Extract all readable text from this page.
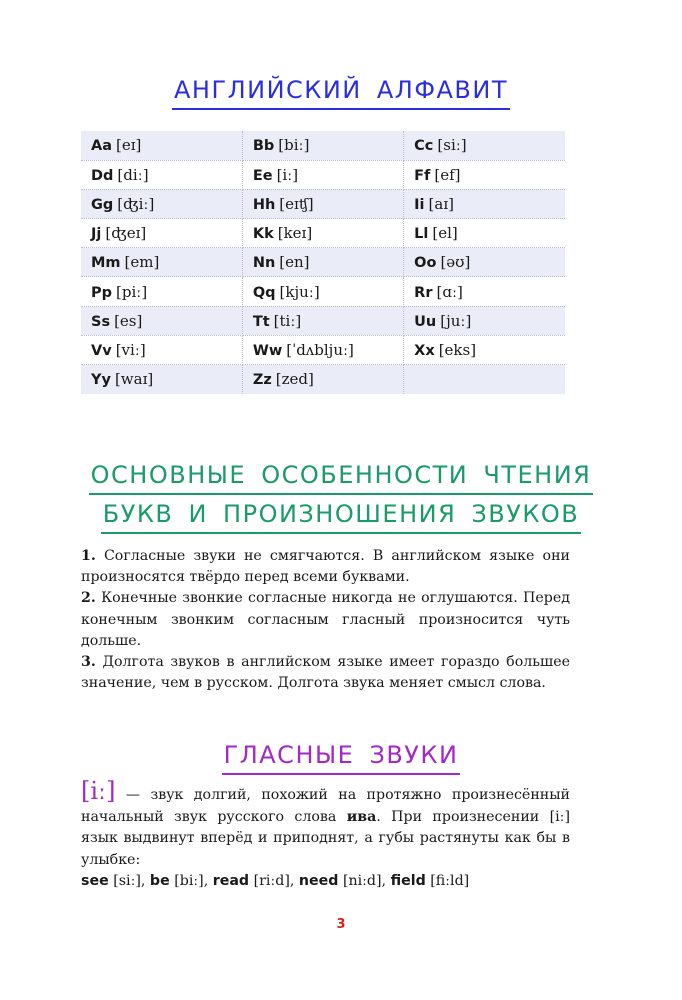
АНГЛИЙСКИЙ АЛФАВИТ
Aa [eɪ]	Bb [biː]	Cc [siː]
Dd [diː]	Ee [iː]	Ff [ef]
Gg [ʤiː]	Hh [eɪʧ]	Ii [aɪ]
Jj [ʤeɪ]	Kk [keɪ]	Ll [el]
Mm [em]	Nn [en]	Oo [əʊ]
Pp [piː]	Qq [kjuː]	Rr [ɑː]
Ss [es]	Tt [tiː]	Uu [juː]
Vv [viː]	Ww [ˈdʌbljuː]	Xx [eks]
Yy [waɪ]	Zz [zed]	
ОСНОВНЫЕ ОСОБЕННОСТИ ЧТЕНИЯ
БУКВ И ПРОИЗНОШЕНИЯ ЗВУКОВ

1. Согласные звуки не смягчаются. В английском языке они произносятся твёрдо перед всеми буквами.

2. Конечные звонкие согласные никогда не оглушаются. Перед конечным звонким согласным гласный произносится чуть дольше.

3. Долгота звуков в английском языке имеет гораздо большее значение, чем в русском. Долгота звука меняет смысл слова.

ГЛАСНЫЕ ЗВУКИ

[iː] — звук долгий, похожий на протяжно произнесённый начальный звук русского слова ива. При произнесении [iː] язык выдвинут вперёд и приподнят, а губы растянуты как бы в улыбке:

see [siː], be [biː], read [riːd], need [niːd], field [fiːld]
3
